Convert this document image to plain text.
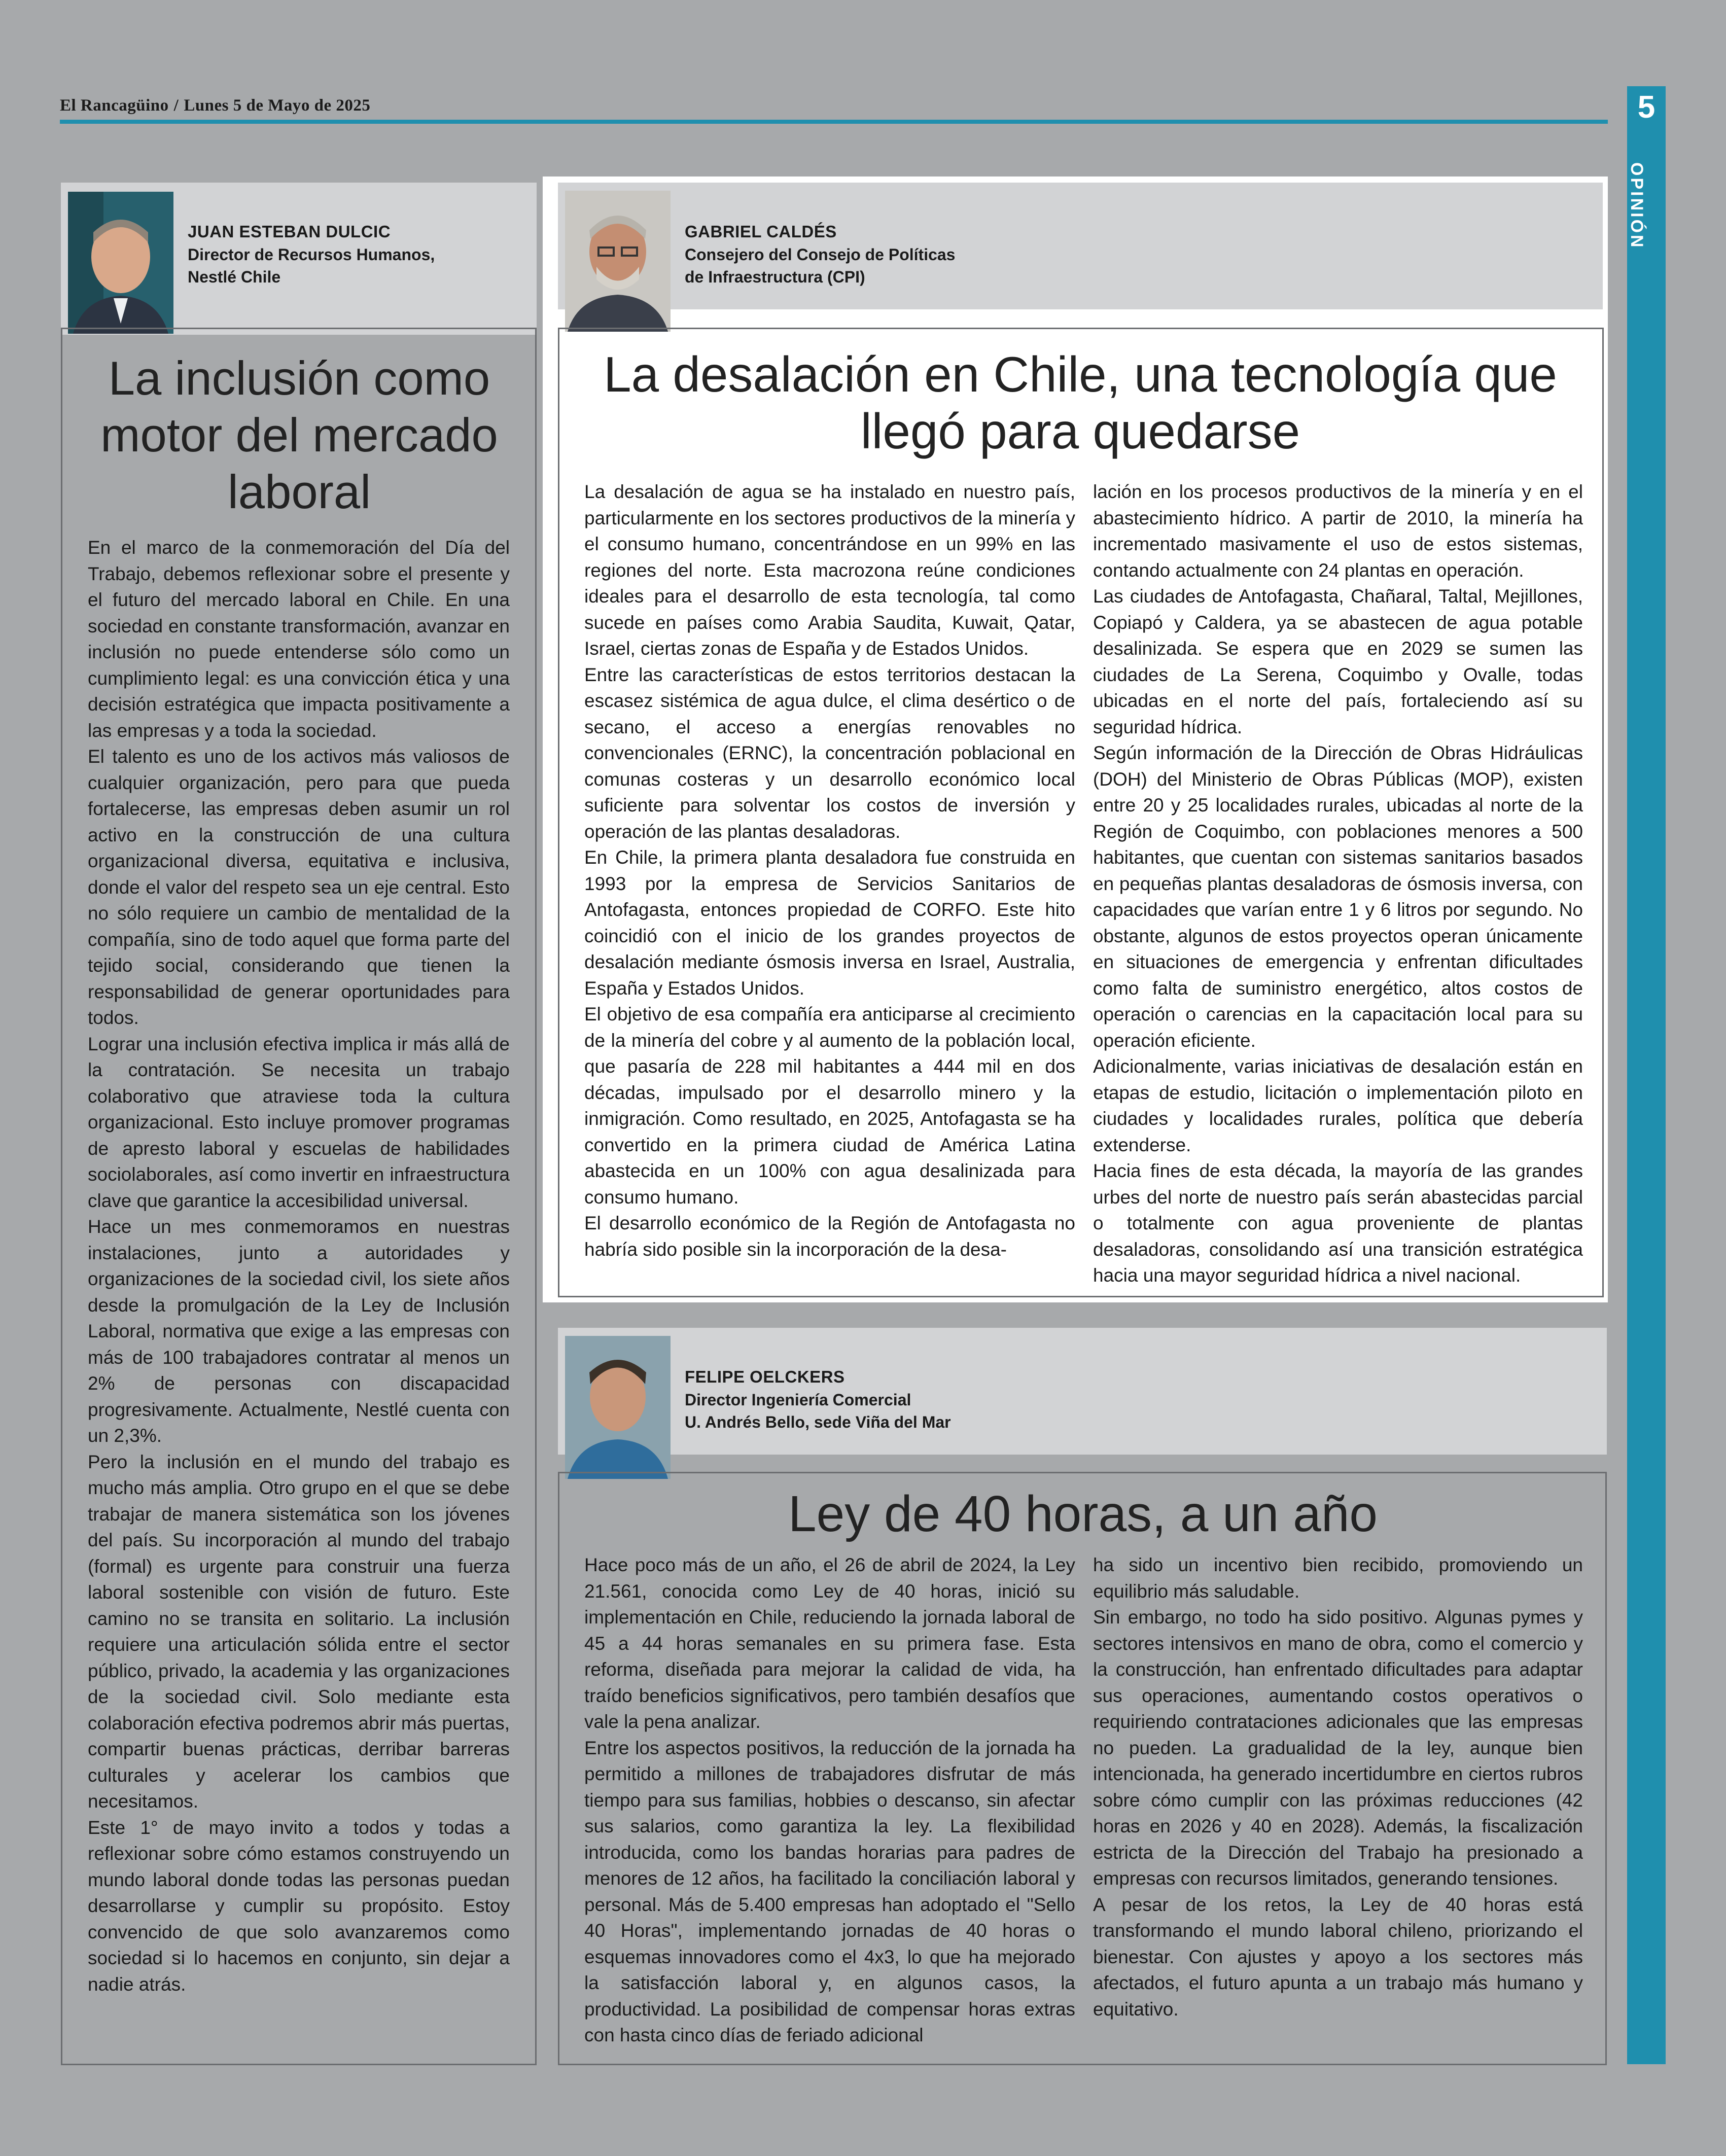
El Rancagüino / Lunes 5 de Mayo de 2025	5
OPINIÓN
JUAN ESTEBAN DULCIC
Director de Recursos Humanos,
Nestlé Chile
La inclusión como motor del mercado laboral

En el marco de la conmemoración del Día del Trabajo, debemos reflexionar sobre el presente y el futuro del mercado laboral en Chile. En una sociedad en constante transformación, avanzar en inclusión no puede entenderse sólo como un cumplimiento legal: es una convicción ética y una decisión estratégica que impacta positivamente a las empresas y a toda la sociedad.

El talento es uno de los activos más valiosos de cualquier organización, pero para que pueda fortalecerse, las empresas deben asumir un rol activo en la construcción de una cultura organizacional diversa, equitativa e inclusiva, donde el valor del respeto sea un eje central. Esto no sólo requiere un cambio de mentalidad de la compañía, sino de todo aquel que forma parte del tejido social, considerando que tienen la responsabilidad de generar oportunidades para todos.

Lograr una inclusión efectiva implica ir más allá de la contratación. Se necesita un trabajo colaborativo que atraviese toda la cultura organizacional. Esto incluye promover programas de apresto laboral y escuelas de habilidades sociolaborales, así como invertir en infraestructura clave que garantice la accesibilidad universal.

Hace un mes conmemoramos en nuestras instalaciones, junto a autoridades y organizaciones de la sociedad civil, los siete años desde la promulgación de la Ley de Inclusión Laboral, normativa que exige a las empresas con más de 100 trabajadores contratar al menos un 2% de personas con discapacidad progresivamente. Actualmente, Nestlé cuenta con un 2,3%.

Pero la inclusión en el mundo del trabajo es mucho más amplia. Otro grupo en el que se debe trabajar de manera sistemática son los jóvenes del país. Su incorporación al mundo del trabajo (formal) es urgente para construir una fuerza laboral sostenible con visión de futuro. Este camino no se transita en solitario. La inclusión requiere una articulación sólida entre el sector público, privado, la academia y las organizaciones de la sociedad civil. Solo mediante esta colaboración efectiva podremos abrir más puertas, compartir buenas prácticas, derribar barreras culturales y acelerar los cambios que necesitamos.

Este 1° de mayo invito a todos y todas a reflexionar sobre cómo estamos construyendo un mundo laboral donde todas las personas puedan desarrollarse y cumplir su propósito. Estoy convencido de que solo avanzaremos como sociedad si lo hacemos en conjunto, sin dejar a nadie atrás.

GABRIEL CALDÉS
Consejero del Consejo de Políticas
de Infraestructura (CPI)
La desalación en Chile, una tecnología que llegó para quedarse

La desalación de agua se ha instalado en nuestro país, particularmente en los sectores productivos de la minería y el consumo humano, concentrándose en un 99% en las regiones del norte. Esta macrozona reúne condiciones ideales para el desarrollo de esta tecnología, tal como sucede en países como Arabia Saudita, Kuwait, Qatar, Israel, ciertas zonas de España y de Estados Unidos.

Entre las características de estos territorios destacan la escasez sistémica de agua dulce, el clima desértico o de secano, el acceso a energías renovables no convencionales (ERNC), la concentración poblacional en comunas costeras y un desarrollo económico local suficiente para solventar los costos de inversión y operación de las plantas desaladoras.

En Chile, la primera planta desaladora fue construida en 1993 por la empresa de Servicios Sanitarios de Antofagasta, entonces propiedad de CORFO. Este hito coincidió con el inicio de los grandes proyectos de desalación mediante ósmosis inversa en Israel, Australia, España y Estados Unidos.

El objetivo de esa compañía era anticiparse al crecimiento de la minería del cobre y al aumento de la población local, que pasaría de 228 mil habitantes a 444 mil en dos décadas, impulsado por el desarrollo minero y la inmigración. Como resultado, en 2025, Antofagasta se ha convertido en la primera ciudad de América Latina abastecida en un 100% con agua desalinizada para consumo humano.

El desarrollo económico de la Región de Antofagasta no habría sido posible sin la incorporación de la desa-

lación en los procesos productivos de la minería y en el abastecimiento hídrico. A partir de 2010, la minería ha incrementado masivamente el uso de estos sistemas, contando actualmente con 24 plantas en operación.

Las ciudades de Antofagasta, Chañaral, Taltal, Mejillones, Copiapó y Caldera, ya se abastecen de agua potable desalinizada. Se espera que en 2029 se sumen las ciudades de La Serena, Coquimbo y Ovalle, todas ubicadas en el norte del país, fortaleciendo así su seguridad hídrica.

Según información de la Dirección de Obras Hidráulicas (DOH) del Ministerio de Obras Públicas (MOP), existen entre 20 y 25 localidades rurales, ubicadas al norte de la Región de Coquimbo, con poblaciones menores a 500 habitantes, que cuentan con sistemas sanitarios basados en pequeñas plantas desaladoras de ósmosis inversa, con capacidades que varían entre 1 y 6 litros por segundo. No obstante, algunos de estos proyectos operan únicamente en situaciones de emergencia y enfrentan dificultades como falta de suministro energético, altos costos de operación o carencias en la capacitación local para su operación eficiente.

Adicionalmente, varias iniciativas de desalación están en etapas de estudio, licitación o implementación piloto en ciudades y localidades rurales, política que debería extenderse.

Hacia fines de esta década, la mayoría de las grandes urbes del norte de nuestro país serán abastecidas parcial o totalmente con agua proveniente de plantas desaladoras, consolidando así una transición estratégica hacia una mayor seguridad hídrica a nivel nacional.

FELIPE OELCKERS
Director Ingeniería Comercial
U. Andrés Bello, sede Viña del Mar
Ley de 40 horas, a un año

Hace poco más de un año, el 26 de abril de 2024, la Ley 21.561, conocida como Ley de 40 horas, inició su implementación en Chile, reduciendo la jornada laboral de 45 a 44 horas semanales en su primera fase. Esta reforma, diseñada para mejorar la calidad de vida, ha traído beneficios significativos, pero también desafíos que vale la pena analizar.

Entre los aspectos positivos, la reducción de la jornada ha permitido a millones de trabajadores disfrutar de más tiempo para sus familias, hobbies o descanso, sin afectar sus salarios, como garantiza la ley. La flexibilidad introducida, como los bandas horarias para padres de menores de 12 años, ha facilitado la conciliación laboral y personal. Más de 5.400 empresas han adoptado el "Sello 40 Horas", implementando jornadas de 40 horas o esquemas innovadores como el 4x3, lo que ha mejorado la satisfacción laboral y, en algunos casos, la productividad. La posibilidad de compensar horas extras con hasta cinco días de feriado adicional

ha sido un incentivo bien recibido, promoviendo un equilibrio más saludable.

Sin embargo, no todo ha sido positivo. Algunas pymes y sectores intensivos en mano de obra, como el comercio y la construcción, han enfrentado dificultades para adaptar sus operaciones, aumentando costos operativos o requiriendo contrataciones adicionales que las empresas no pueden. La gradualidad de la ley, aunque bien intencionada, ha generado incertidumbre en ciertos rubros sobre cómo cumplir con las próximas reducciones (42 horas en 2026 y 40 en 2028). Además, la fiscalización estricta de la Dirección del Trabajo ha presionado a empresas con recursos limitados, generando tensiones.

A pesar de los retos, la Ley de 40 horas está transformando el mundo laboral chileno, priorizando el bienestar. Con ajustes y apoyo a los sectores más afectados, el futuro apunta a un trabajo más humano y equitativo.
